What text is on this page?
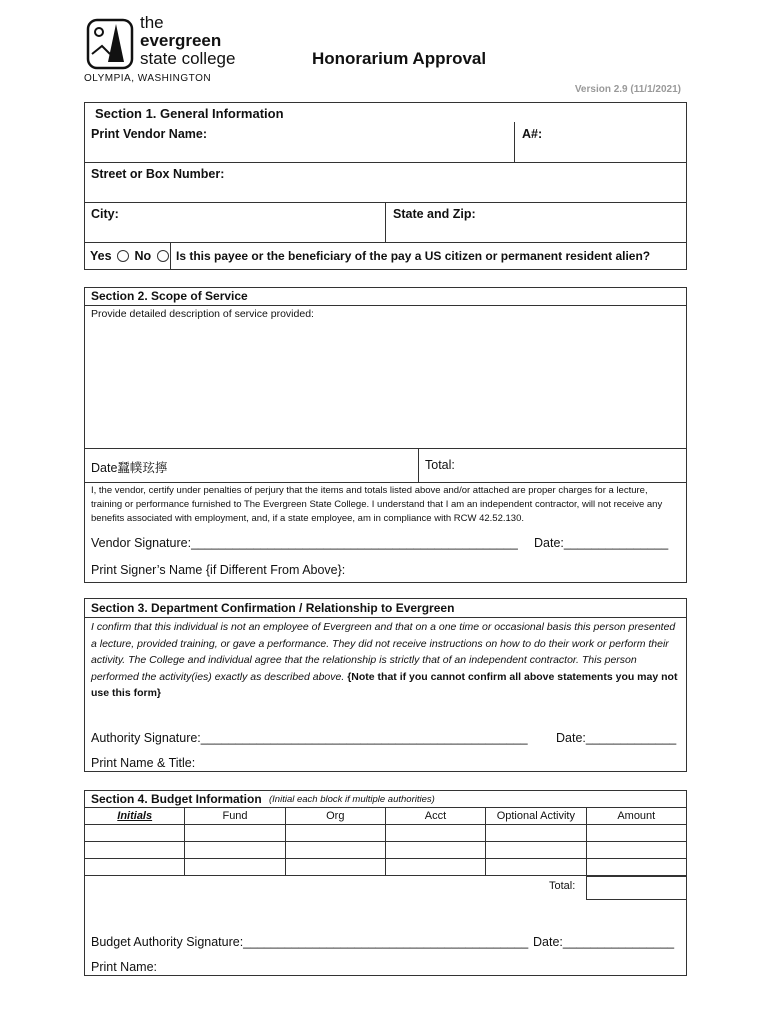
the
evergreen
state college
OLYMPIA, WASHINGTON
Honorarium Approval
Version 2.9 (11/1/2021)
Section 1. General Information
Print Vendor Name:	A#:
Street or Box Number:
City:	State and Zip:
Yes No	Is this payee or the beneficiary of the pay a US citizen or permanent resident alien?
Section 2. Scope of Service
Provide detailed description of service provided:
Date蠶幞玹擰	Total:
I, the vendor, certify under penalties of perjury that the items and totals listed above and/or attached are proper charges for a lecture, training or performance furnished to The Evergreen State College. I understand that I am an independent contractor, will not receive any benefits associated with employment, and, if a state employee, am in compliance with RCW 42.52.130.
Vendor Signature:_______________________________________________ Date:_______________
Print Signer’s Name {if Different From Above}:
Section 3. Department Confirmation / Relationship to Evergreen
I confirm that this individual is not an employee of Evergreen and that on a one time or occasional basis this person presented a lecture, provided training, or gave a performance. They did not receive instructions on how to do their work or perform their activity. The College and individual agree that the relationship is strictly that of an independent contractor. This person performed the activity(ies) exactly as described above. {Note that if you cannot confirm all above statements you may not use this form}
Authority Signature:_______________________________________________ Date:_____________
Print Name & Title:
Section 4. Budget Information (Initial each block if multiple authorities)
Initials	Fund	Org	Acct	Optional Activity	Amount

Total:
Budget Authority Signature:_________________________________________ Date:________________
Print Name:
